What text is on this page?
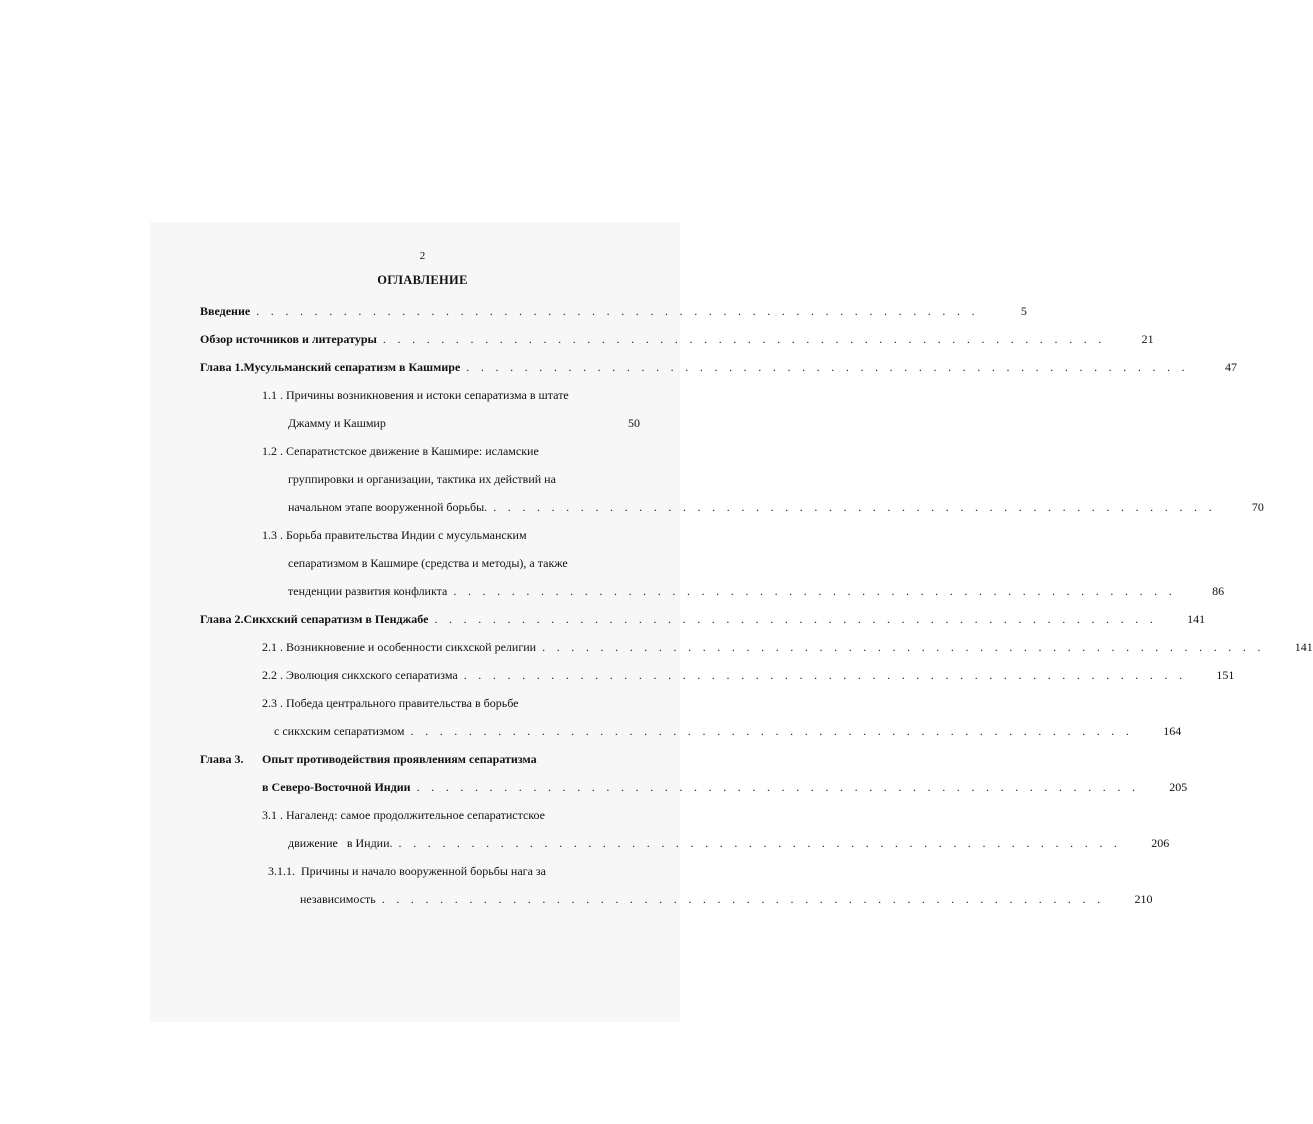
2
ОГЛАВЛЕНИЕ
Введение . . . . . . . . . . . . . . . . . . . . . . . . . . . . . . . . . . . . . . . . . . . . . . . . . .	5
Обзор источников и литературы . . . . . . . . . . . . . . . . . . . . . . . . . . . . . . . . . . . . . . . . . . . . . . . . . .	21
Глава 1. Мусульманский сепаратизм в Кашмире . . . . . . . . . . . . . . . . . . . . . . . . . . . . . . . . . . . . . . . . . . . . . . . . . .	47
1.1 . Причины возникновения и истоки сепаратизма в штате
Джамму и Кашмир	50
1.2 . Сепаратистское движение в Кашмире: исламские
группировки и организации, тактика их действий на
начальном этапе вооруженной борьбы. . . . . . . . . . . . . . . . . . . . . . . . . . . . . . . . . . . . . . . . . . . . . . . . . . .	70
1.3 . Борьба правительства Индии с мусульманским
сепаратизмом в Кашмире (средства и методы), а также
тенденции развития конфликта . . . . . . . . . . . . . . . . . . . . . . . . . . . . . . . . . . . . . . . . . . . . . . . . . .	86
Глава 2. Сикхский сепаратизм в Пенджабе . . . . . . . . . . . . . . . . . . . . . . . . . . . . . . . . . . . . . . . . . . . . . . . . . .	141
2.1 . Возникновение и особенности сикхской религии . . . . . . . . . . . . . . . . . . . . . . . . . . . . . . . . . . . . . . . . . . . . . . . . . .	141
2.2 . Эволюция сикхского сепаратизма . . . . . . . . . . . . . . . . . . . . . . . . . . . . . . . . . . . . . . . . . . . . . . . . . .	151
2.3 . Победа центрального правительства в борьбе
с сикхским сепаратизмом . . . . . . . . . . . . . . . . . . . . . . . . . . . . . . . . . . . . . . . . . . . . . . . . . .	164
Глава 3.	Опыт противодействия проявлениям сепаратизма
в Северо-Восточной Индии . . . . . . . . . . . . . . . . . . . . . . . . . . . . . . . . . . . . . . . . . . . . . . . . . .	205
3.1 . Нагаленд: самое продолжительное сепаратистское
движение   в Индии. . . . . . . . . . . . . . . . . . . . . . . . . . . . . . . . . . . . . . . . . . . . . . . . . . .	206
3.1.1.  Причины и начало вооруженной борьбы нага за
независимость . . . . . . . . . . . . . . . . . . . . . . . . . . . . . . . . . . . . . . . . . . . . . . . . . .	210
